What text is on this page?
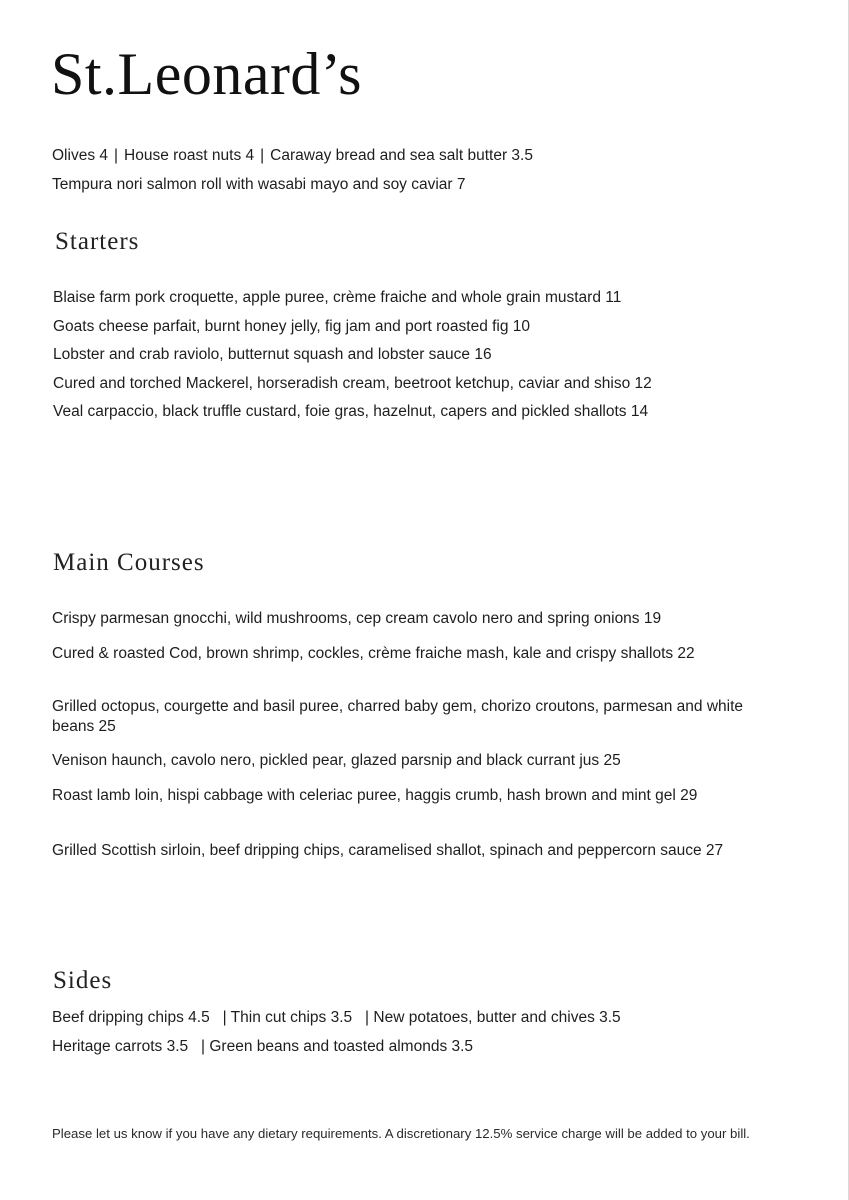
St.Leonard’s
Olives 4 | House roast nuts 4 | Caraway bread and sea salt butter 3.5
Tempura nori salmon roll with wasabi mayo and soy caviar 7
Starters
Blaise farm pork croquette, apple puree, crème fraiche and whole grain mustard 11
Goats cheese parfait, burnt honey jelly, fig jam and port roasted fig 10
Lobster and crab raviolo, butternut squash and lobster sauce 16
Cured and torched Mackerel, horseradish cream, beetroot ketchup, caviar and shiso 12
Veal carpaccio, black truffle custard, foie gras, hazelnut, capers and pickled shallots 14
Main Courses
Crispy parmesan gnocchi, wild mushrooms, cep cream cavolo nero and spring onions 19
Cured & roasted Cod, brown shrimp, cockles, crème fraiche mash, kale and crispy shallots 22
Grilled octopus, courgette and basil puree, charred baby gem, chorizo croutons, parmesan and white beans 25
Venison haunch, cavolo nero, pickled pear, glazed parsnip and black currant jus 25
Roast lamb loin, hispi cabbage with celeriac puree, haggis crumb, hash brown and mint gel 29
Grilled Scottish sirloin, beef dripping chips, caramelised shallot, spinach and peppercorn sauce 27
Sides
Beef dripping chips 4.5   | Thin cut chips 3.5   | New potatoes, butter and chives 3.5
Heritage carrots 3.5   | Green beans and toasted almonds 3.5
Please let us know if you have any dietary requirements. A discretionary 12.5% service charge will be added to your bill.
